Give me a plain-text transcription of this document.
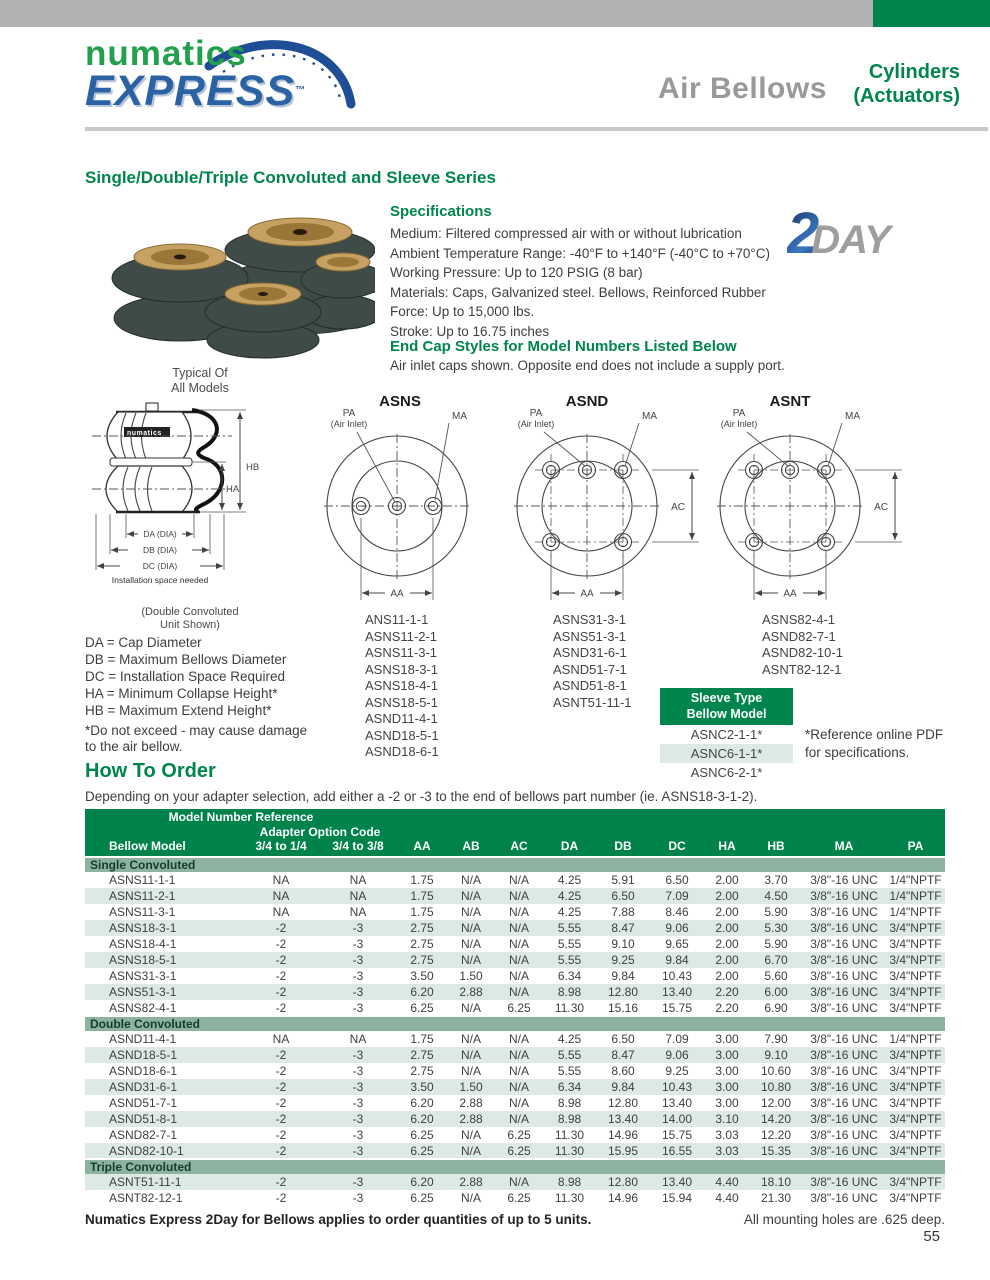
numatics
EXPRESS™	Air Bellows	Cylinders
(Actuators)
Single/Double/Triple Convoluted and Sleeve Series
Typical Of
All Models
Specifications
Medium: Filtered compressed air with or without lubrication
Ambient Temperature Range: -40°F to +140°F (-40°C to +70°C)
Working Pressure: Up to 120 PSIG (8 bar)
Materials: Caps, Galvanized steel. Bellows, Reinforced Rubber
Force: Up to 15,000 lbs.
Stroke: Up to 16.75 inches
2DAY
End Cap Styles for Model Numbers Listed Below
Air inlet caps shown. Opposite end does not include a supply port.
numatics
HB
HA
DA (DIA)
DB (DIA)
DC (DIA)
Installation space needed
(Double Convoluted
Unit Shown)
ASNS
PA
(Air Inlet)
MA
AA
ASND
PA
(Air Inlet)
MA
AC
AA
ASNT
PA
(Air Inlet)
MA
AC
AA
ANS11-1-1
ASNS11-2-1
ASNS11-3-1
ASNS18-3-1
ASNS18-4-1
ASNS18-5-1
ASND11-4-1
ASND18-5-1
ASND18-6-1
ASNS31-3-1
ASNS51-3-1
ASND31-6-1
ASND51-7-1
ASND51-8-1
ASNT51-11-1
ASNS82-4-1
ASND82-7-1
ASND82-10-1
ASNT82-12-1
Sleeve Type
Bellow Model
ASNC2-1-1*
ASNC6-1-1*
ASNC6-2-1*
*Reference online PDF
for specifications.
DA = Cap Diameter
DB = Maximum Bellows Diameter
DC = Installation Space Required
HA = Minimum Collapse Height*
HB = Maximum Extend Height*
*Do not exceed - may cause damage
to the air bellow.
How To Order
Depending on your adapter selection, add either a -2 or -3 to the end of bellows part number (ie. ASNS18-3-1-2).
Model Number Reference												
	Adapter Option Code											
Bellow Model	3/4 to 1/4	3/4 to 3/8	AA	AB	AC	DA	DB	DC	HA	HB	MA	PA
Single Convoluted												
ASNS11-1-1	NA	NA	1.75	N/A	N/A	4.25	5.91	6.50	2.00	3.70	3/8"-16 UNC	1/4"NPTF
ASNS11-2-1	NA	NA	1.75	N/A	N/A	4.25	6.50	7.09	2.00	4.50	3/8"-16 UNC	1/4"NPTF
ASNS11-3-1	NA	NA	1.75	N/A	N/A	4.25	7.88	8.46	2.00	5.90	3/8"-16 UNC	1/4"NPTF
ASNS18-3-1	-2	-3	2.75	N/A	N/A	5.55	8.47	9.06	2.00	5.30	3/8"-16 UNC	3/4"NPTF
ASNS18-4-1	-2	-3	2.75	N/A	N/A	5.55	9.10	9.65	2.00	5.90	3/8"-16 UNC	3/4"NPTF
ASNS18-5-1	-2	-3	2.75	N/A	N/A	5.55	9.25	9.84	2.00	6.70	3/8"-16 UNC	3/4"NPTF
ASNS31-3-1	-2	-3	3.50	1.50	N/A	6.34	9.84	10.43	2.00	5.60	3/8"-16 UNC	3/4"NPTF
ASNS51-3-1	-2	-3	6.20	2.88	N/A	8.98	12.80	13.40	2.20	6.00	3/8"-16 UNC	3/4"NPTF
ASNS82-4-1	-2	-3	6.25	N/A	6.25	11.30	15.16	15.75	2.20	6.90	3/8"-16 UNC	3/4"NPTF
Double Convoluted												
ASND11-4-1	NA	NA	1.75	N/A	N/A	4.25	6.50	7.09	3.00	7.90	3/8"-16 UNC	1/4"NPTF
ASND18-5-1	-2	-3	2.75	N/A	N/A	5.55	8.47	9.06	3.00	9.10	3/8"-16 UNC	3/4"NPTF
ASND18-6-1	-2	-3	2.75	N/A	N/A	5.55	8.60	9.25	3.00	10.60	3/8"-16 UNC	3/4"NPTF
ASND31-6-1	-2	-3	3.50	1.50	N/A	6.34	9.84	10.43	3.00	10.80	3/8"-16 UNC	3/4"NPTF
ASND51-7-1	-2	-3	6.20	2.88	N/A	8.98	12.80	13.40	3.00	12.00	3/8"-16 UNC	3/4"NPTF
ASND51-8-1	-2	-3	6.20	2.88	N/A	8.98	13.40	14.00	3.10	14.20	3/8"-16 UNC	3/4"NPTF
ASND82-7-1	-2	-3	6.25	N/A	6.25	11.30	14.96	15.75	3.03	12.20	3/8"-16 UNC	3/4"NPTF
ASND82-10-1	-2	-3	6.25	N/A	6.25	11.30	15.95	16.55	3.03	15.35	3/8"-16 UNC	3/4"NPTF
Triple Convoluted												
ASNT51-11-1	-2	-3	6.20	2.88	N/A	8.98	12.80	13.40	4.40	18.10	3/8"-16 UNC	3/4"NPTF
ASNT82-12-1	-2	-3	6.25	N/A	6.25	11.30	14.96	15.94	4.40	21.30	3/8"-16 UNC	3/4"NPTF
Numatics Express 2Day for Bellows applies to order quantities of up to 5 units.	All mounting holes are .625 deep.
55
